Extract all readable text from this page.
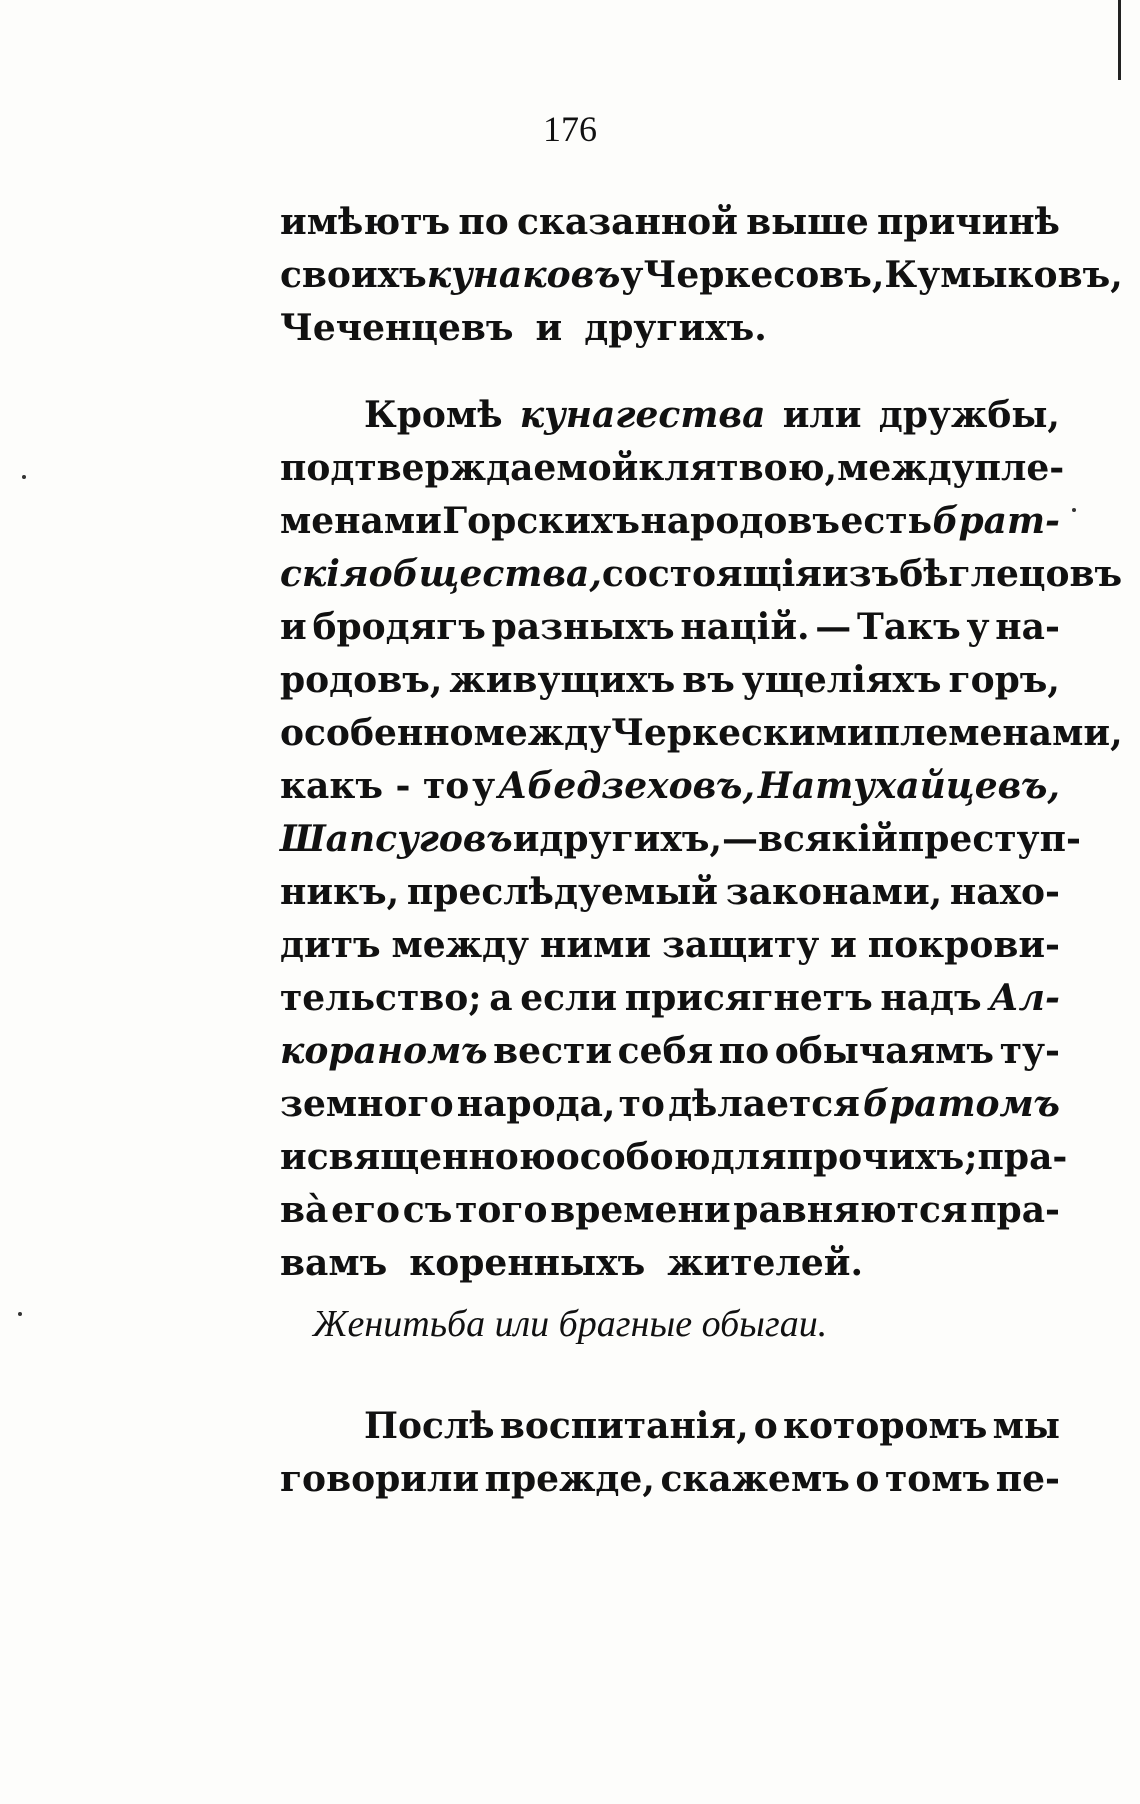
176
имѣютъ по сказанной выше причинѣ
своихъ кунаковъ у Черкесовъ, Кумыковъ,
Чеченцевъ и другихъ.
Кромѣ кунагества или дружбы,
подтверждаемой клятвою, между пле-
менами Горскихъ народовъ есть брат-
скія общества, состоящія изъ бѣглецовъ
и бродягъ разныхъ націй. — Такъ у на-
родовъ, живущихъ въ ущеліяхъ горъ,
особенно между Черкескими племенами,
какъ - то у Абедзеховъ, Натухайцевъ,
Шапсуговъ и другихъ,—всякій преступ-
никъ, преслѣдуемый законами, нахо-
дитъ между ними защиту и покрови-
тельство; а если присягнетъ надъ Ал-
кораномъ вести себя по обычаямъ ту-
земного народа, то дѣлается братомъ
и священною особою для прочихъ; пра-
вà его съ того времени равняются пра-
вамъ коренныхъ жителей.
Женитьба или брагные обыгаи.
Послѣ воспитанія, о которомъ мы
говорили прежде, скажемъ о томъ пе-
